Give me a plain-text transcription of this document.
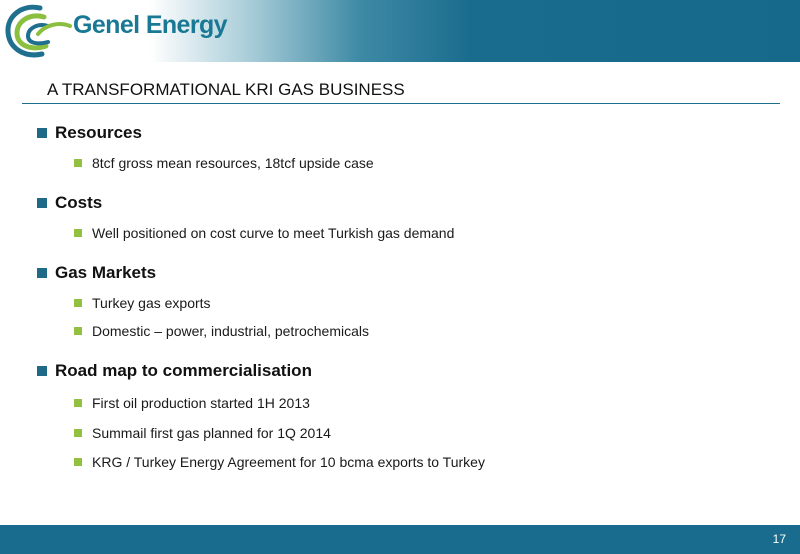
Genel Energy
A TRANSFORMATIONAL KRI GAS BUSINESS
Resources
8tcf gross mean resources, 18tcf upside case
Costs
Well positioned on cost curve to meet Turkish gas demand
Gas Markets
Turkey gas exports
Domestic – power, industrial, petrochemicals
Road map to commercialisation
First oil production started 1H 2013
Summail first gas planned for 1Q 2014
KRG / Turkey Energy Agreement for 10 bcma exports to Turkey
17
